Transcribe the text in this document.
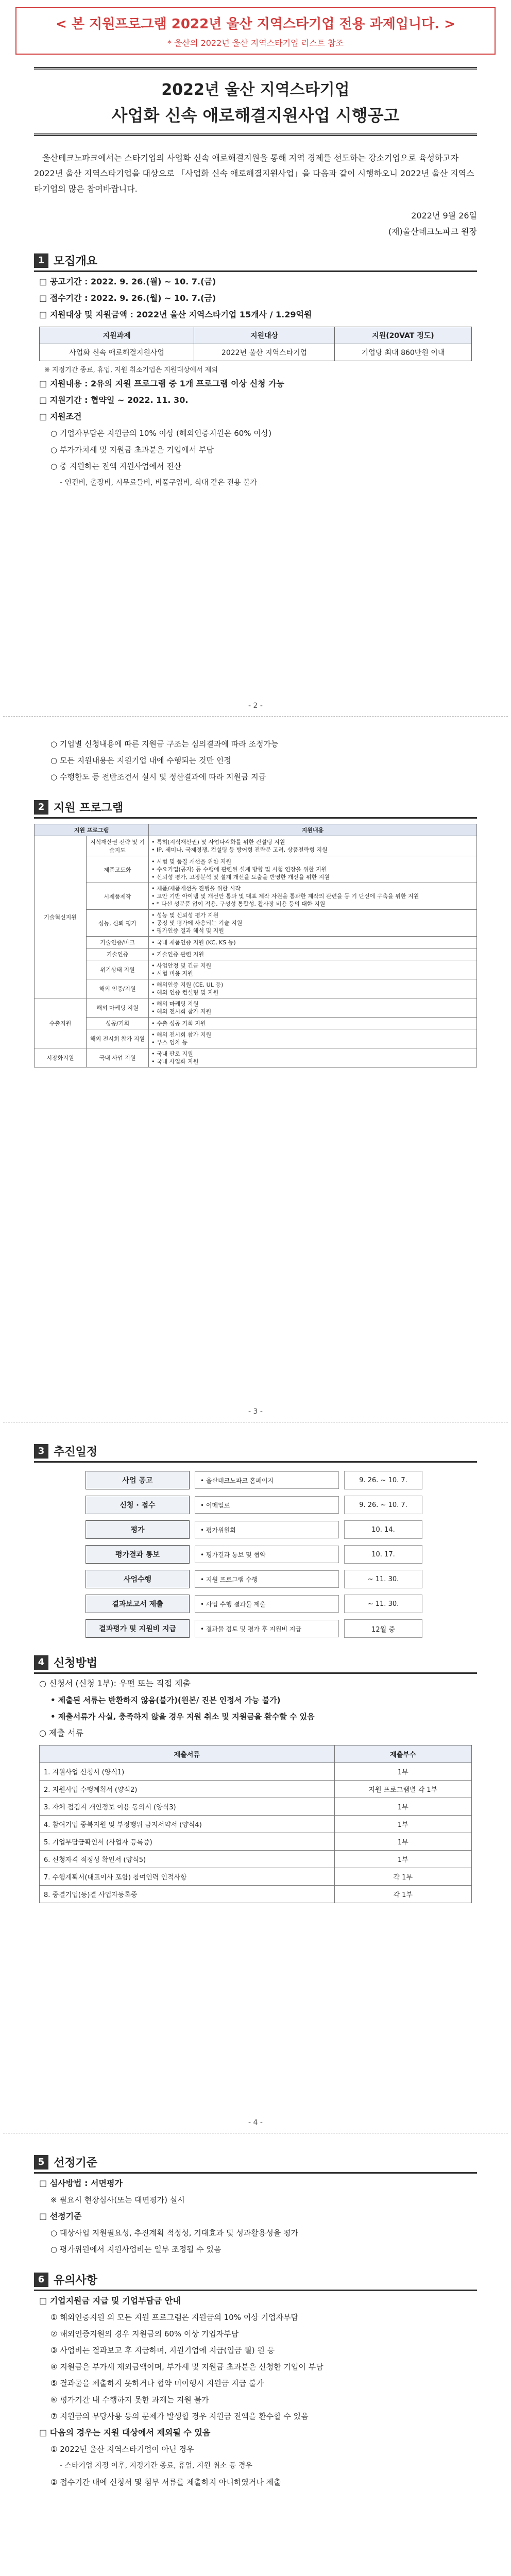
< 본 지원프로그램 2022년 울산 지역스타기업 전용 과제입니다. >
* 울산의 2022년 울산 지역스타기업 리스트 참조
2022년 울산 지역스타기업
사업화 신속 애로해결지원사업 시행공고
울산테크노파크에서는 스타기업의 사업화 신속 애로해결지원을 통해 지역 경제를 선도하는 강소기업으로 육성하고자 2022년 울산 지역스타기업을 대상으로 「사업화 신속 애로해결지원사업」을 다음과 같이 시행하오니 2022년 울산 지역스타기업의 많은 참여바랍니다.
2022년 9월 26일
(재)울산테크노파크 원장
1 모집개요
□ 공고기간 : 2022. 9. 26.(월) ~ 10. 7.(금)
□ 접수기간 : 2022. 9. 26.(월) ~ 10. 7.(금)
□ 지원대상 및 지원금액 : 2022년 울산 지역스타기업 15개사 / 1.29억원
지원과제	지원대상	지원(20VAT 정도)
사업화 신속 애로해결지원사업	2022년 울산 지역스타기업	기업당 최대 860만원 이내
※ 지정기간 종료, 휴업, 지원 취소기업은 지원대상에서 제외
□ 지원내용 : 2유의 지원 프로그램 중 1개 프로그램 이상 신청 가능
□ 지원기간 : 협약일 ~ 2022. 11. 30.
□ 지원조건
○ 기업자부담은 지원금의 10% 이상 (해외인증지원은 60% 이상)
○ 부가가치세 및 지원금 초과분은 기업에서 부담
○ 중 지원하는 전액 지원사업에서 전산
- 인건비, 출장비, 시무료들비, 비품구입비, 식대 같은 전용 불가
- 2 -
○ 기업별 신청내용에 따른 지원금 구조는 심의결과에 따라 조정가능
○ 모든 지원내용은 지원기업 내에 수행되는 것만 인정
○ 수행한도 등 전반조건서 실시 및 정산결과에 따라 지원금 지급
2 지원 프로그램
지원 프로그램		지원내용
기술혁신지원	지식재산권 전략 및 기술지도	• 특허(지식재산권) 및 사업다각화를 위한 컨설팅 지원
• IP, 세미나, 국제경쟁, 컨설팅 등 방어형 전략분 고려, 상품전략형 지원
	제품고도화	• 시험 및 품질 개선을 위한 지원
• 수요기업(공자) 등 수행에 관련된 설계 방향 및 시험 연장을 위한 지원
• 신뢰성 평가, 고장분석 및 설계 개선을 도출을 반영한 개선을 위한 지원
	시제품제작	• 제품/제품개선을 진행을 위한 시작
• 고안 기반 아이템 및 개선안 통과 및 대표 제작 자원을 통과한 제작의 관련을 등 기 단신에 구축을 위한 지원
• * 다선 성분품 없이 적용, 구성성 통합성, 활사장 비용 등의 대한 지원
	성능, 신뢰 평가	• 성능 및 신뢰성 평가 지원
• 공정 및 평가에 사용되는 기술 지원
• 평가인증 결과 해석 및 지원
	기술인증/마크	• 국내 제품인증 지원 (KC, KS 등)
	기술인증	• 기술인증 관련 지원
	위기상태 지원	• 사업안정 및 긴급 지원
• 시험 비용 지원
	해외 인증/지원	• 해외인증 지원 (CE, UL 등)
• 해외 인증 컨설팅 및 지원
수출지원	해외 마케팅 지원	• 해외 마케팅 지원
• 해외 전시회 참가 지원
	성공/기회	• 수출 성공 기회 지원
	해외 전시회 참가 지원	• 해외 전시회 참가 지원
• 부스 임차 등
시장화지원	국내 사업 지원	• 국내 판로 지원
• 국내 사업화 지원
- 3 -
3 추진일정
사업 공고	• 울산테크노파크 홈페이지	9. 26. ~ 10. 7.
신청 · 접수	• 이메일로	9. 26. ~ 10. 7.
평가	• 평가위원회	10. 14.
평가결과 통보	• 평가결과 통보 및 협약	10. 17.
사업수행	• 지원 프로그램 수행	~ 11. 30.
결과보고서 제출	• 사업 수행 결과물 제출	~ 11. 30.
결과평가 및 지원비 지급	• 결과물 검토 및 평가 후 지원비 지급	12월 중
4 신청방법
○ 신청서 (신청 1부): 우편 또는 직접 제출
• 제출된 서류는 반환하지 않음(불가)(원본/ 진본 인정서 가능 불가)
• 제출서류가 사실, 충족하지 않을 경우 지원 취소 및 지원금을 환수할 수 있음
○ 제출 서류
제출서류	제출부수
1. 지원사업 신청서 (양식1)	1부
2. 지원사업 수행계획서 (양식2)	지원 프로그램별 각 1부
3. 자체 점검지 개인정보 이용 동의서 (양식3)	1부
4. 참여기업 중복지원 및 부정행위 금지서약서 (양식4)	1부
5. 기업부담금확인서 (사업자 등록증)	1부
6. 신청자격 적정성 확인서 (양식5)	1부
7. 수행계획서(대표이사 포함) 참여인력 인적사항	각 1부
8. 중결기업(등)결 사업자등록증	각 1부
- 4 -
5 선정기준
□ 심사방법 : 서면평가
※ 필요시 현장심사(또는 대면평가) 실시
□ 선정기준
○ 대상사업 지원필요성, 추진계획 적정성, 기대효과 및 성과활용성을 평가
○ 평가위원에서 지원사업비는 일부 조정될 수 있음
6 유의사항
□ 기업지원금 지급 및 기업부담금 안내
① 해외인증지원 외 모든 지원 프로그램은 지원금의 10% 이상 기업자부담
② 해외인증지원의 경우 지원금의 60% 이상 기업자부담
③ 사업비는 결과보고 후 지급하며, 지원기업에 지급(입금 월) 원 등
④ 지원금은 부가세 제외금액이며, 부가세 및 지원금 초과분은 신청한 기업이 부담
⑤ 결과물을 제출하지 못하거나 협약 미이행시 지원금 지급 불가
⑥ 평가기간 내 수행하지 못한 과제는 지원 불가
⑦ 지원금의 부당사용 등의 문제가 발생할 경우 지원금 전액을 환수할 수 있음
□ 다음의 경우는 지원 대상에서 제외될 수 있음
① 2022년 울산 지역스타기업이 아닌 경우
- 스타기업 지정 이후, 지정기간 종료, 휴업, 지원 취소 등 경우
② 접수기간 내에 신청서 및 첨부 서류를 제출하지 아니하였거나 제출
